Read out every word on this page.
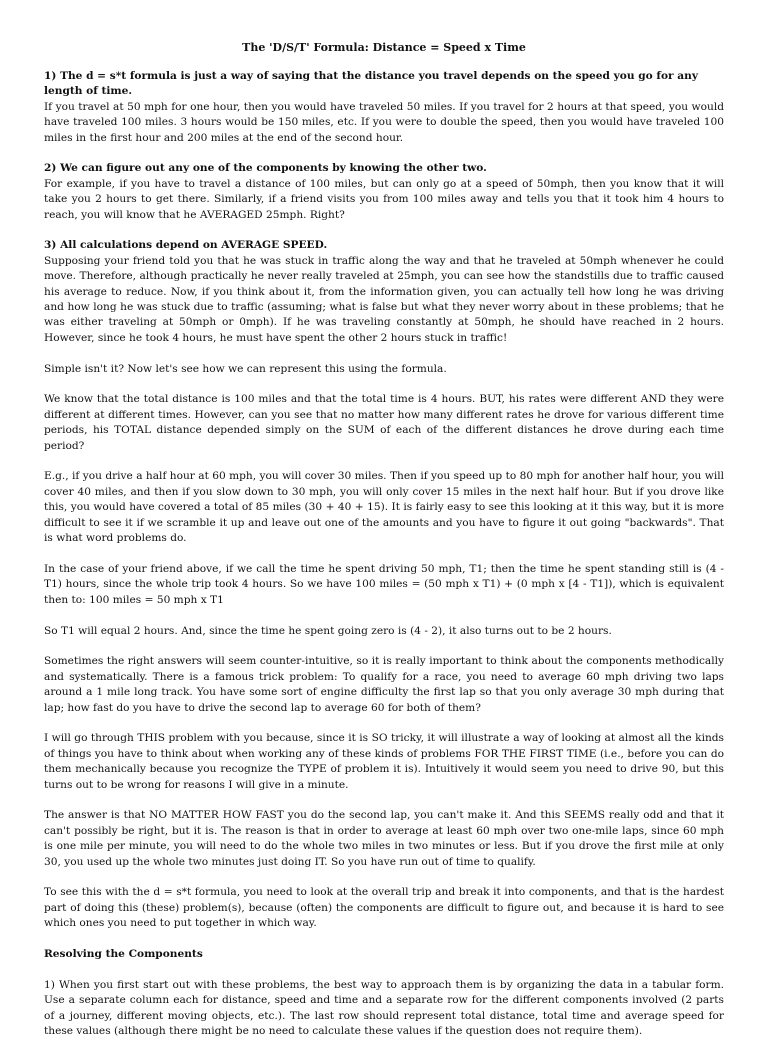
The 'D/S/T' Formula: Distance = Speed x Time
1) The d = s*t formula is just a way of saying that the distance you travel depends on the speed you go for any length of time.

If you travel at 50 mph for one hour, then you would have traveled 50 miles. If you travel for 2 hours at that speed, you would have traveled 100 miles. 3 hours would be 150 miles, etc. If you were to double the speed, then you would have traveled 100 miles in the first hour and 200 miles at the end of the second hour.

2) We can figure out any one of the components by knowing the other two.

For example, if you have to travel a distance of 100 miles, but can only go at a speed of 50mph, then you know that it will take you 2 hours to get there. Similarly, if a friend visits you from 100 miles away and tells you that it took him 4 hours to reach, you will know that he AVERAGED 25mph. Right?

3) All calculations depend on AVERAGE SPEED.

Supposing your friend told you that he was stuck in traffic along the way and that he traveled at 50mph whenever he could move. Therefore, although practically he never really traveled at 25mph, you can see how the standstills due to traffic caused his average to reduce. Now, if you think about it, from the information given, you can actually tell how long he was driving and how long he was stuck due to traffic (assuming; what is false but what they never worry about in these problems; that he was either traveling at 50mph or 0mph). If he was traveling constantly at 50mph, he should have reached in 2 hours. However, since he took 4 hours, he must have spent the other 2 hours stuck in traffic!

Simple isn't it? Now let's see how we can represent this using the formula.

We know that the total distance is 100 miles and that the total time is 4 hours. BUT, his rates were different AND they were different at different times. However, can you see that no matter how many different rates he drove for various different time periods, his TOTAL distance depended simply on the SUM of each of the different distances he drove during each time period?

E.g., if you drive a half hour at 60 mph, you will cover 30 miles. Then if you speed up to 80 mph for another half hour, you will cover 40 miles, and then if you slow down to 30 mph, you will only cover 15 miles in the next half hour. But if you drove like this, you would have covered a total of 85 miles (30 + 40 + 15). It is fairly easy to see this looking at it this way, but it is more difficult to see it if we scramble it up and leave out one of the amounts and you have to figure it out going "backwards". That is what word problems do.

In the case of your friend above, if we call the time he spent driving 50 mph, T1; then the time he spent standing still is (4 - T1) hours, since the whole trip took 4 hours. So we have 100 miles = (50 mph x T1) + (0 mph x [4 - T1]), which is equivalent then to: 100 miles = 50 mph x T1

So T1 will equal 2 hours. And, since the time he spent going zero is (4 - 2), it also turns out to be 2 hours.

Sometimes the right answers will seem counter-intuitive, so it is really important to think about the components methodically and systematically. There is a famous trick problem: To qualify for a race, you need to average 60 mph driving two laps around a 1 mile long track. You have some sort of engine difficulty the first lap so that you only average 30 mph during that lap; how fast do you have to drive the second lap to average 60 for both of them?

I will go through THIS problem with you because, since it is SO tricky, it will illustrate a way of looking at almost all the kinds of things you have to think about when working any of these kinds of problems FOR THE FIRST TIME (i.e., before you can do them mechanically because you recognize the TYPE of problem it is). Intuitively it would seem you need to drive 90, but this turns out to be wrong for reasons I will give in a minute.

The answer is that NO MATTER HOW FAST you do the second lap, you can't make it. And this SEEMS really odd and that it can't possibly be right, but it is. The reason is that in order to average at least 60 mph over two one-mile laps, since 60 mph is one mile per minute, you will need to do the whole two miles in two minutes or less. But if you drove the first mile at only 30, you used up the whole two minutes just doing IT. So you have run out of time to qualify.

To see this with the d = s*t formula, you need to look at the overall trip and break it into components, and that is the hardest part of doing this (these) problem(s), because (often) the components are difficult to figure out, and because it is hard to see which ones you need to put together in which way.

Resolving the Components

1) When you first start out with these problems, the best way to approach them is by organizing the data in a tabular form. Use a separate column each for distance, speed and time and a separate row for the different components involved (2 parts of a journey, different moving objects, etc.). The last row should represent total distance, total time and average speed for these values (although there might be no need to calculate these values if the question does not require them).
